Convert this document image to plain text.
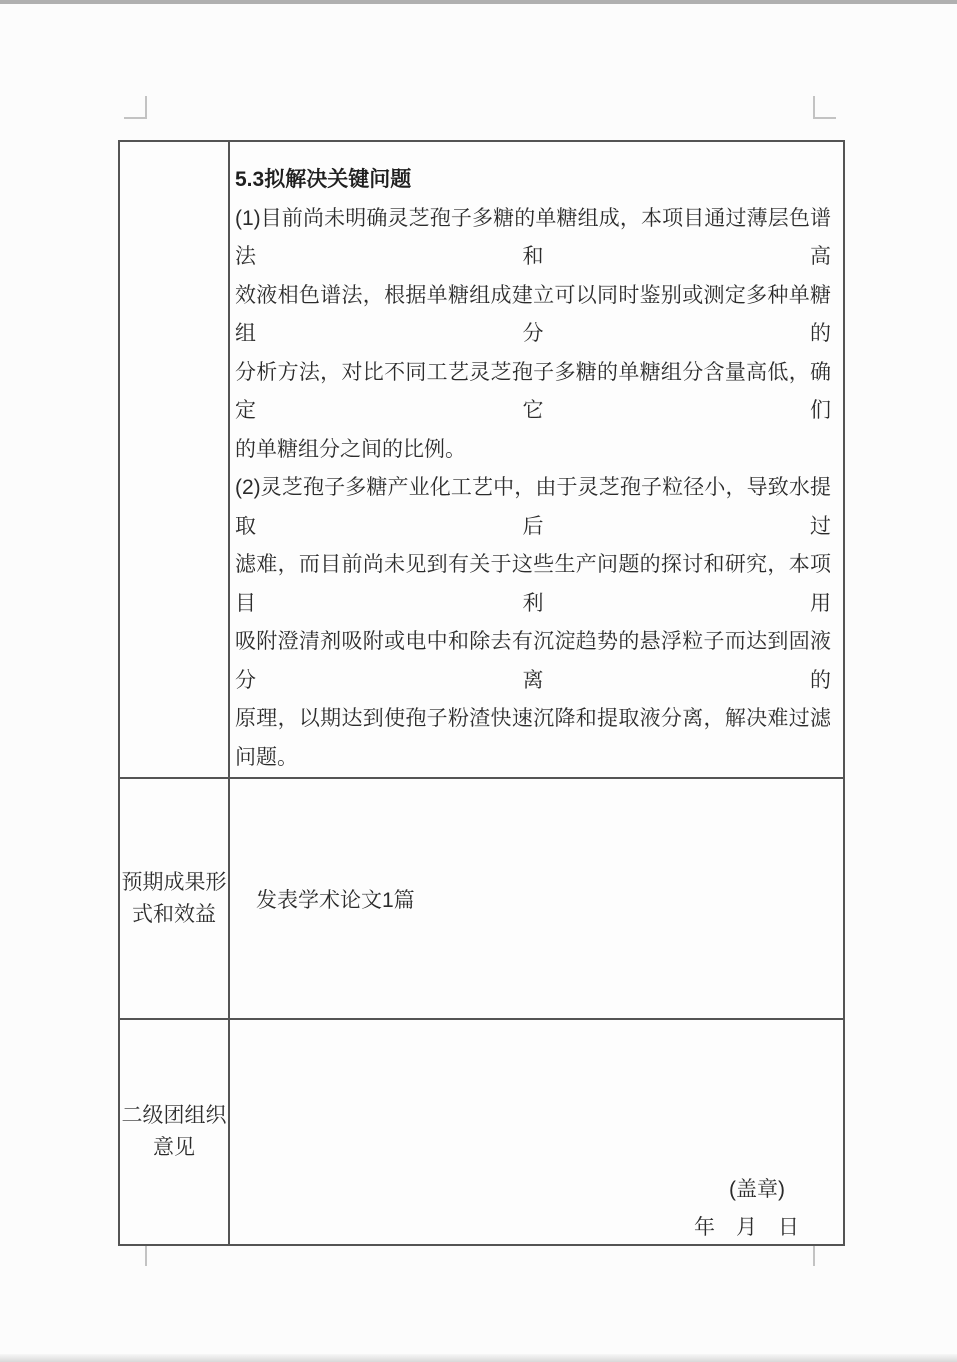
5.3拟解决关键问题
(1)目前尚未明确灵芝孢子多糖的单糖组成，本项目通过薄层色谱法和高
效液相色谱法，根据单糖组成建立可以同时鉴别或测定多种单糖组分的
分析方法，对比不同工艺灵芝孢子多糖的单糖组分含量高低，确定它们
的单糖组分之间的比例。
(2)灵芝孢子多糖产业化工艺中，由于灵芝孢子粒径小，导致水提取后过
滤难，而目前尚未见到有关于这些生产问题的探讨和研究，本项目利用
吸附澄清剂吸附或电中和除去有沉淀趋势的悬浮粒子而达到固液分离的
原理，以期达到使孢子粉渣快速沉降和提取液分离，解决难过滤问题。

预期成果形式和效益	发表学术论文1篇

二级团组织意见	(盖章)
年　月　日
